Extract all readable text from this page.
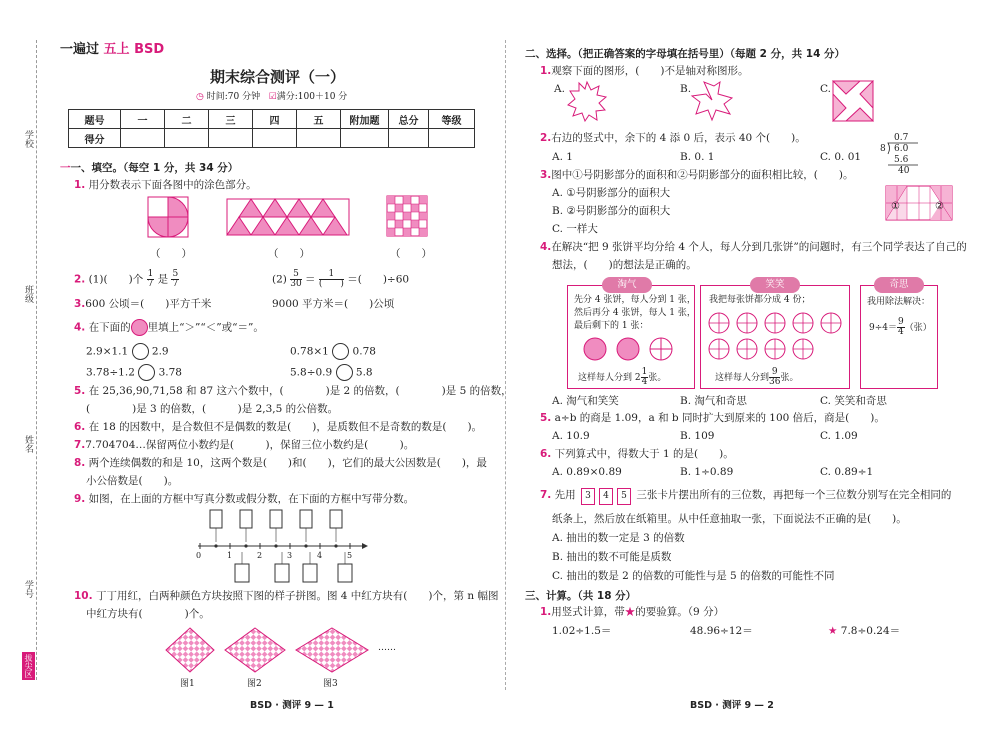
一遍过 五上 BSD
期末综合测评（一）
◷ 时间:70 分钟 ☑满分:100＋10 分
学校
班级
姓名
学号
拔尖区
题号	一	二	三	四	五	附加题	总分	等级
得分								
一一、填空。（每空 1 分，共 34 分）
1. 用分数表示下面各图中的涂色部分。
（　　）	（　　）	（　　）
2. (1)(　　)个 $\frac{1}{7}$ 是 $\frac{5}{7}$	$(2) \frac{5}{30} = \frac{1}{( )}$ ＝(　　)÷60
3.600 公顷＝(　　)平方千米	9000 平方米＝(　　)公顷
4. 在下面的 里填上“＞”“＜”或“＝”。
2.9×1.1 2.9	0.78×1 0.78
3.78÷1.2 3.78	5.8÷0.9 5.8
5. 在 25,36,90,71,58 和 87 这六个数中，(　　　　)是 2 的倍数，(　　　　)是 5 的倍数，
(　　　　)是 3 的倍数，(　　　)是 2,3,5 的公倍数。
6. 在 18 的因数中，是合数但不是偶数的数是(　　)，是质数但不是奇数的数是(　　)。
7.7.704704…保留两位小数约是(　　　)，保留三位小数约是(　　　)。
8. 两个连续偶数的和是 10，这两个数是(　　)和(　　)，它们的最大公因数是(　　)，最
小公倍数是(　　)。
9. 如图，在上面的方框中写真分数或假分数，在下面的方框中写带分数。
0	1	2	3	4	5
10. 丁丁用红，白两种颜色方块按照下图的样子拼图。图 4 中红方块有(　　)个，第 n 幅图
中红方块有(　　　　)个。
……
图1	图2	图3
BSD · 测评 9 — 1
二、选择。（把正确答案的字母填在括号里）（每题 2 分，共 14 分）
1.观察下面的图形，(　　)不是轴对称图形。
A.	B.	C.
2.右边的竖式中，余下的 4 添 0 后，表示 40 个(　　)。
A. 1	B. 0. 1	C. 0. 01
0.7
8 6.0
5.6
40
3.图中①号阴影部分的面积和②号阴影部分的面积相比较，(　　)。
A. ①号阴影部分的面积大
B. ②号阴影部分的面积大
C. 一样大
①	②
4.在解决“把 9 张饼平均分给 4 个人，每人分到几张饼”的问题时，有三个同学表达了自己的
想法，(　　)的想法是正确的。
先分 4 张饼，每人分到 1 张，
然后再分 4 张饼，每人 1 张，
最后剩下的 1 张：
这样每人分到 $2 \frac{1}{4}$ 张。
淘气
我把每张饼都分成 4 份；
这样每人分到 $\frac{9}{36}$ 张。
笑笑
我用除法解决：
$9\div 4= \frac{9}{4}$ （张）
奇思
A. 淘气和笑笑	B. 淘气和奇思	C. 笑笑和奇思
5. a÷b 的商是 1.09，a 和 b 同时扩大到原来的 100 倍后，商是(　　)。
A. 10.9	B. 109	C. 1.09
6. 下列算式中，得数大于 1 的是(　　)。
A. 0.89×0.89	B. 1÷0.89	C. 0.89÷1
7. 先用 3 4 5 三张卡片摆出所有的三位数，再把每一个三位数分别写在完全相同的
纸条上，然后放在纸箱里。从中任意抽取一张，下面说法不正确的是(　　)。
A. 抽出的数一定是 3 的倍数
B. 抽出的数不可能是质数
C. 抽出的数是 2 的倍数的可能性与是 5 的倍数的可能性不同
三、计算。（共 18 分）
1.用竖式计算，带★的要验算。（9 分）
1.02÷1.5＝	48.96÷12＝	★ 7.8÷0.24＝
BSD · 测评 9 — 2
